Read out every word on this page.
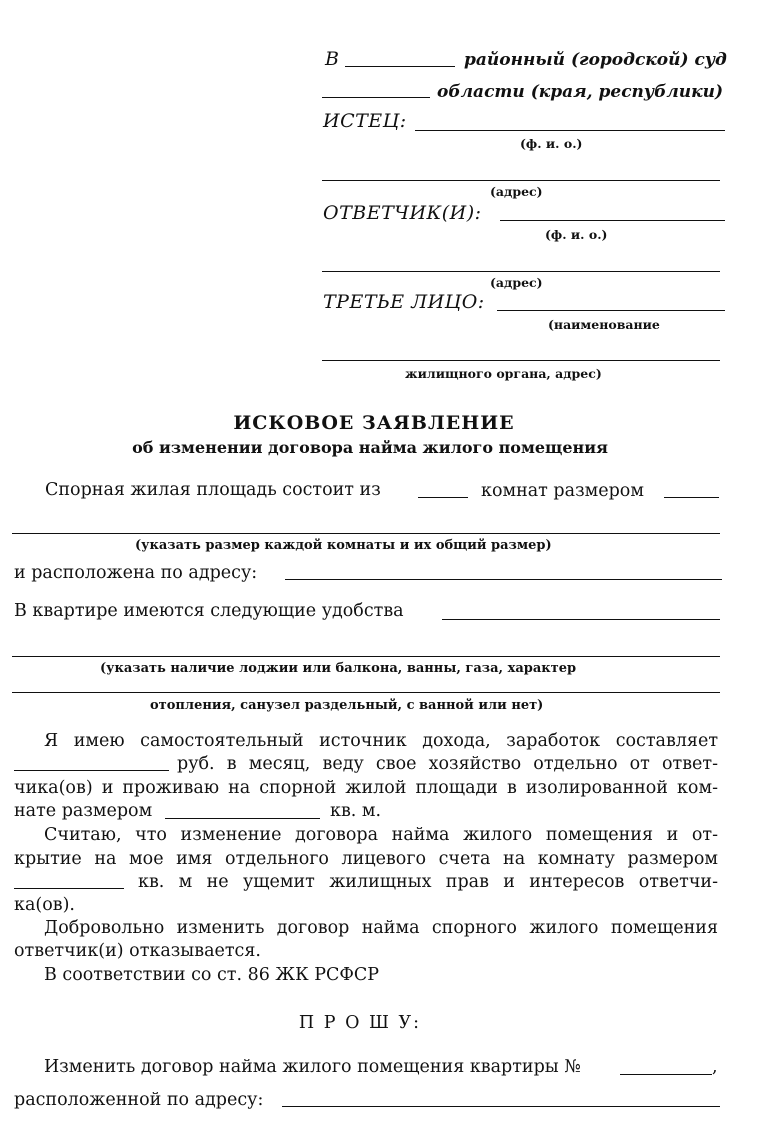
В	районный (городской) суд
области (края, республики)
ИСТЕЦ:
(ф. и. о.)
(адрес)
ОТВЕТЧИК(И):
(ф. и. о.)
(адрес)
ТРЕТЬЕ ЛИЦО:
(наименование
жилищного органа, адрес)
ИСКОВОЕ ЗАЯВЛЕНИЕ
об изменении договора найма жилого помещения
Спорная жилая площадь состоит из	комнат размером
(указать размер каждой комнаты и их общий размер)
и расположена по адресу:
В квартире имеются следующие удобства
(указать наличие лоджии или балкона, ванны, газа, характер
отопления, санузел раздельный, с ванной или нет)
Я имею самостоятельный источник дохода, заработок составляет
руб. в месяц, веду свое хозяйство отдельно от ответ-
чика(ов) и проживаю на спорной жилой площади в изолированной ком-
нате размером	кв. м.
Считаю, что изменение договора найма жилого помещения и от-
крытие на мое имя отдельного лицевого счета на комнату размером
кв. м не ущемит жилищных прав и интересов ответчи-
ка(ов).
Добровольно изменить договор найма спорного жилого помещения
ответчик(и) отказывается.
В соответствии со ст. 86 ЖК РСФСР
П Р О Ш У:
Изменить договор найма жилого помещения квартиры №	,
расположенной по адресу:
